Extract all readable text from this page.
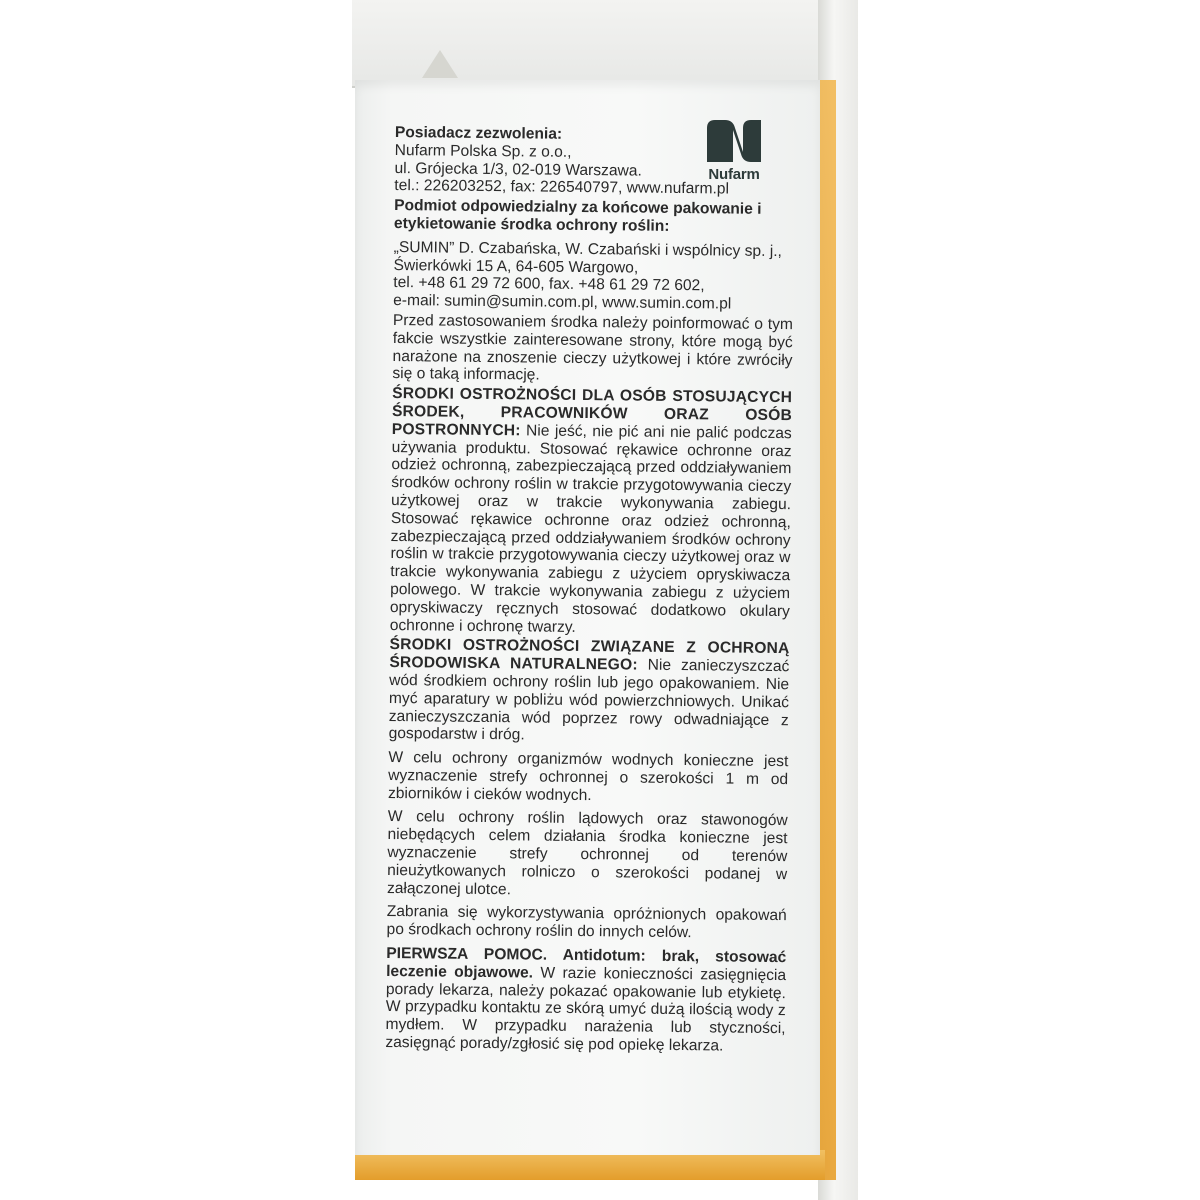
Nufarm

Posiadacz zezwolenia:

Nufarm Polska Sp. z o.o.,

ul. Grójecka 1/3, 02-019 Warszawa.

tel.: 226203252, fax: 226540797, www.nufarm.pl

Podmiot odpowiedzialny za końcowe pakowanie i etykietowanie środka ochrony roślin:

„SUMIN” D. Czabańska, W. Czabański i wspólnicy sp. j.,

Świerkówki 15 A, 64-605 Wargowo,

tel. +48 61 29 72 600, fax. +48 61 29 72 602,

e-mail: sumin@sumin.com.pl, www.sumin.com.pl

Przed zastosowaniem środka należy poinformować o tym fakcie wszystkie zainteresowane strony, które mogą być narażone na znoszenie cieczy użytkowej i które zwróciły się o taką informację.

ŚRODKI OSTROŻNOŚCI DLA OSÓB STOSUJĄCYCH ŚRODEK, PRACOWNIKÓW ORAZ OSÓB POSTRONNYCH: Nie jeść, nie pić ani nie palić podczas używania produktu. Stosować rękawice ochronne oraz odzież ochronną, zabezpieczającą przed oddziaływaniem środków ochrony roślin w trakcie przygotowywania cieczy użytkowej oraz w trakcie wykonywania zabiegu. Stosować rękawice ochronne oraz odzież ochronną, zabezpieczającą przed oddziaływaniem środków ochrony roślin w trakcie przygotowywania cieczy użytkowej oraz w trakcie wykonywania zabiegu z użyciem opryskiwacza polowego. W trakcie wykonywania zabiegu z użyciem opryskiwaczy ręcznych stosować dodatkowo okulary ochronne i ochronę twarzy.

ŚRODKI OSTROŻNOŚCI ZWIĄZANE Z OCHRONĄ ŚRODOWISKA NATURALNEGO: Nie zanieczyszczać wód środkiem ochrony roślin lub jego opakowaniem. Nie myć aparatury w pobliżu wód powierzchniowych. Unikać zanieczyszczania wód poprzez rowy odwadniające z gospodarstw i dróg.

W celu ochrony organizmów wodnych konieczne jest wyznaczenie strefy ochronnej o szerokości 1 m od zbiorników i cieków wodnych.

W celu ochrony roślin lądowych oraz stawonogów niebędących celem działania środka konieczne jest wyznaczenie strefy ochronnej od terenów nieużytkowanych rolniczo o szerokości podanej w załączonej ulotce.

Zabrania się wykorzystywania opróżnionych opakowań po środkach ochrony roślin do innych celów.

PIERWSZA POMOC. Antidotum: brak, stosować leczenie objawowe. W razie konieczności zasięgnięcia porady lekarza, należy pokazać opakowanie lub etykietę. W przypadku kontaktu ze skórą umyć dużą ilością wody z mydłem. W przypadku narażenia lub styczności, zasięgnąć porady/zgłosić się pod opiekę lekarza.
